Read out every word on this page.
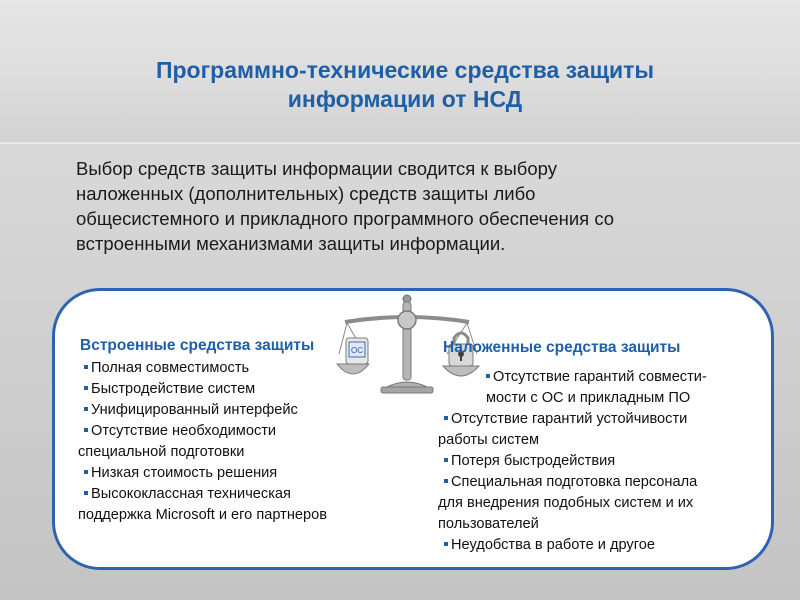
Программно-технические средства защиты
информации от НСД
Выбор средств защиты информации сводится к выбору
наложенных (дополнительных) средств защиты либо
общесистемного и прикладного программного обеспечения со
встроенными механизмами защиты информации.
ОС
Встроенные средства защиты	Наложенные средства защиты
Полная совместимость
Быстродействие систем
Унифицированный интерфейс
Отсутствие необходимости
специальной подготовки
Низкая стоимость решения
Высококлассная техническая
поддержка Microsoft и его партнеров
Отсутствие гарантий совмести-
мости с ОС и прикладным ПО
Отсутствие гарантий устойчивости
работы систем
Потеря быстродействия
Специальная подготовка персонала
для внедрения подобных систем и их
пользователей
Неудобства в работе и другое
